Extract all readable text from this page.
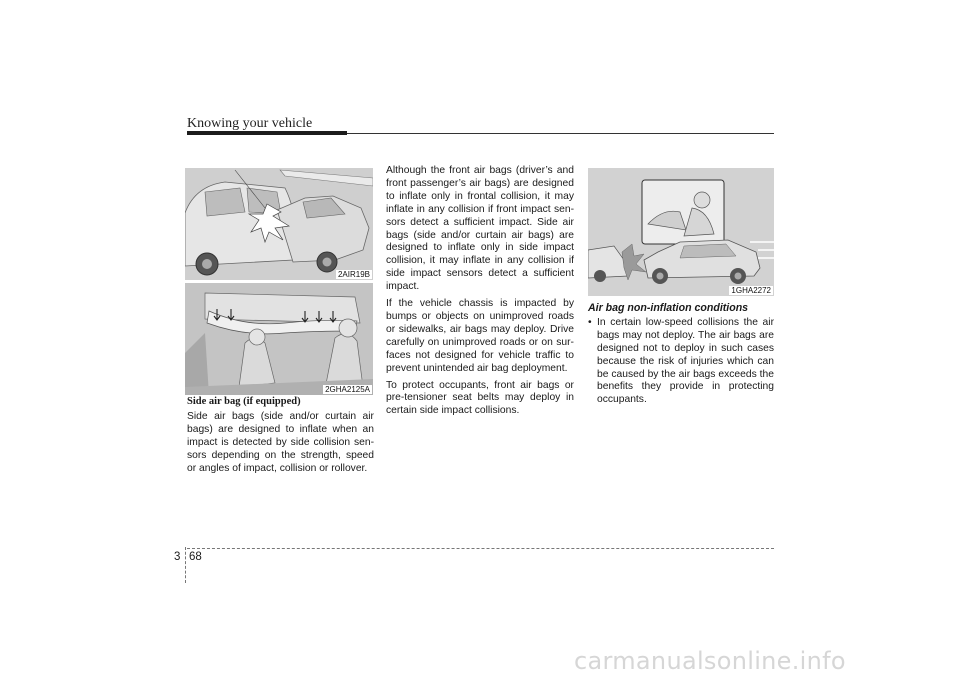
Knowing your vehicle
2AIR19B
2GHA2125A
1GHA2272
Side air bag (if equipped)

Side air bags (side and/or curtain air bags) are designed to inflate when an impact is detected by side collision sen-sors depending on the strength, speed or angles of impact, collision or rollover.

Although the front air bags (driver’s and front passenger’s air bags) are designed to inflate only in frontal collision, it may inflate in any collision if front impact sen-sors detect a sufficient impact. Side air bags (side and/or curtain air bags) are designed to inflate only in side impact collision, it may inflate in any collision if side impact sensors detect a sufficient impact.

If the vehicle chassis is impacted by bumps or objects on unimproved roads or sidewalks, air bags may deploy. Drive carefully on unimproved roads or on sur-faces not designed for vehicle traffic to prevent unintended air bag deployment.

To protect occupants, front air bags or pre-tensioner seat belts may deploy in certain side impact collisions.

Air bag non-inflation conditions
• In certain low-speed collisions the air bags may not deploy. The air bags are designed not to deploy in such cases because the risk of injuries which can be caused by the air bags exceeds the benefits they provide in protecting occupants.
3 68
carmanualsonline.info
